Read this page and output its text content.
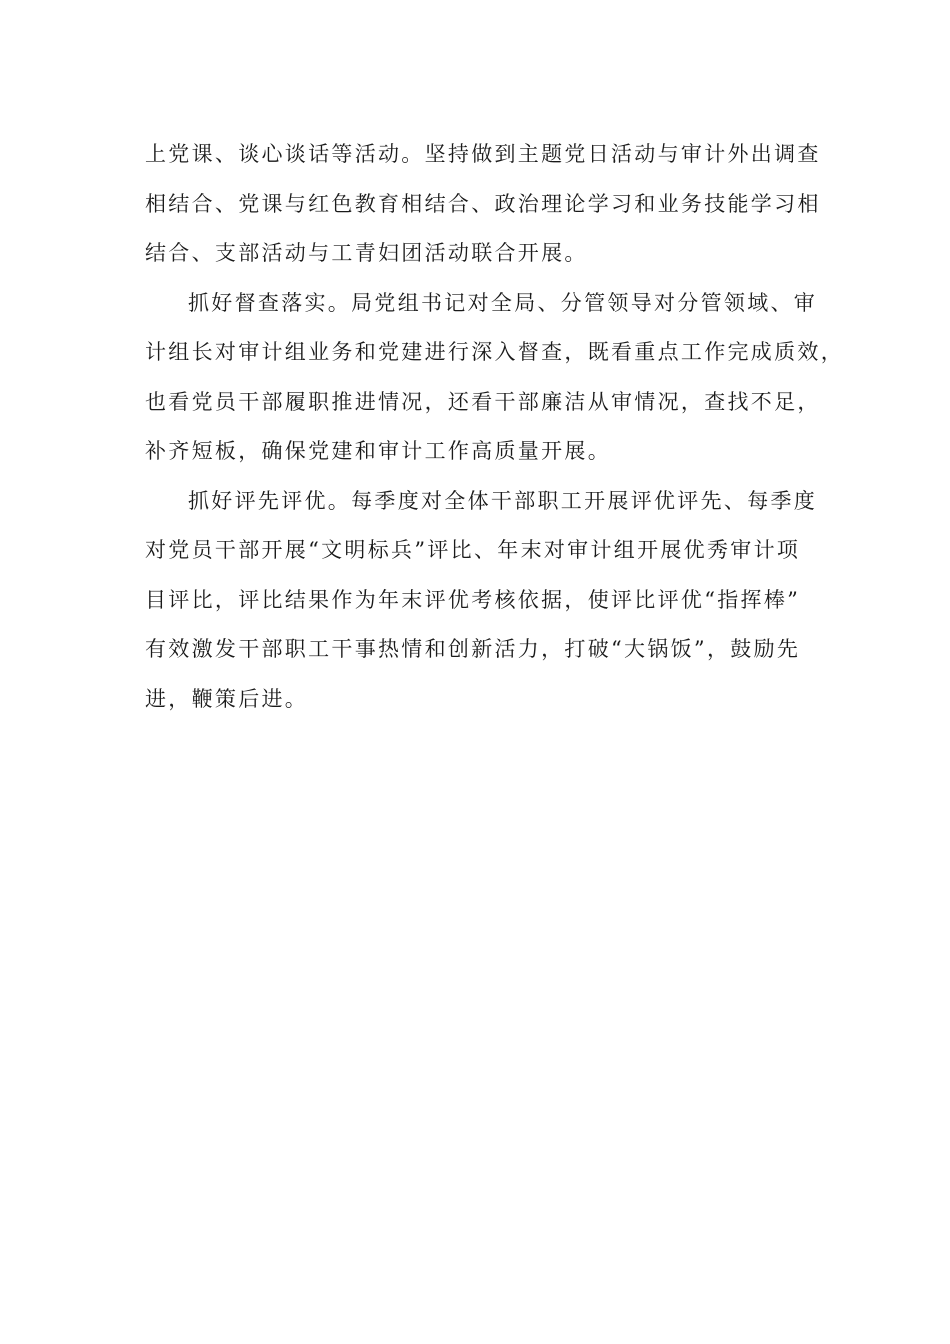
上党课、谈心谈话等活动。坚持做到主题党日活动与审计外出调查
相结合、党课与红色教育相结合、政治理论学习和业务技能学习相
结合、支部活动与工青妇团活动联合开展。
抓好督查落实。局党组书记对全局、分管领导对分管领域、审
计组长对审计组业务和党建进行深入督查，既看重点工作完成质效，
也看党员干部履职推进情况，还看干部廉洁从审情况，查找不足，
补齐短板，确保党建和审计工作高质量开展。
抓好评先评优。每季度对全体干部职工开展评优评先、每季度
对党员干部开展“文明标兵”评比、年末对审计组开展优秀审计项
目评比，评比结果作为年末评优考核依据，使评比评优“指挥棒”
有效激发干部职工干事热情和创新活力，打破“大锅饭”，鼓励先
进，鞭策后进。
